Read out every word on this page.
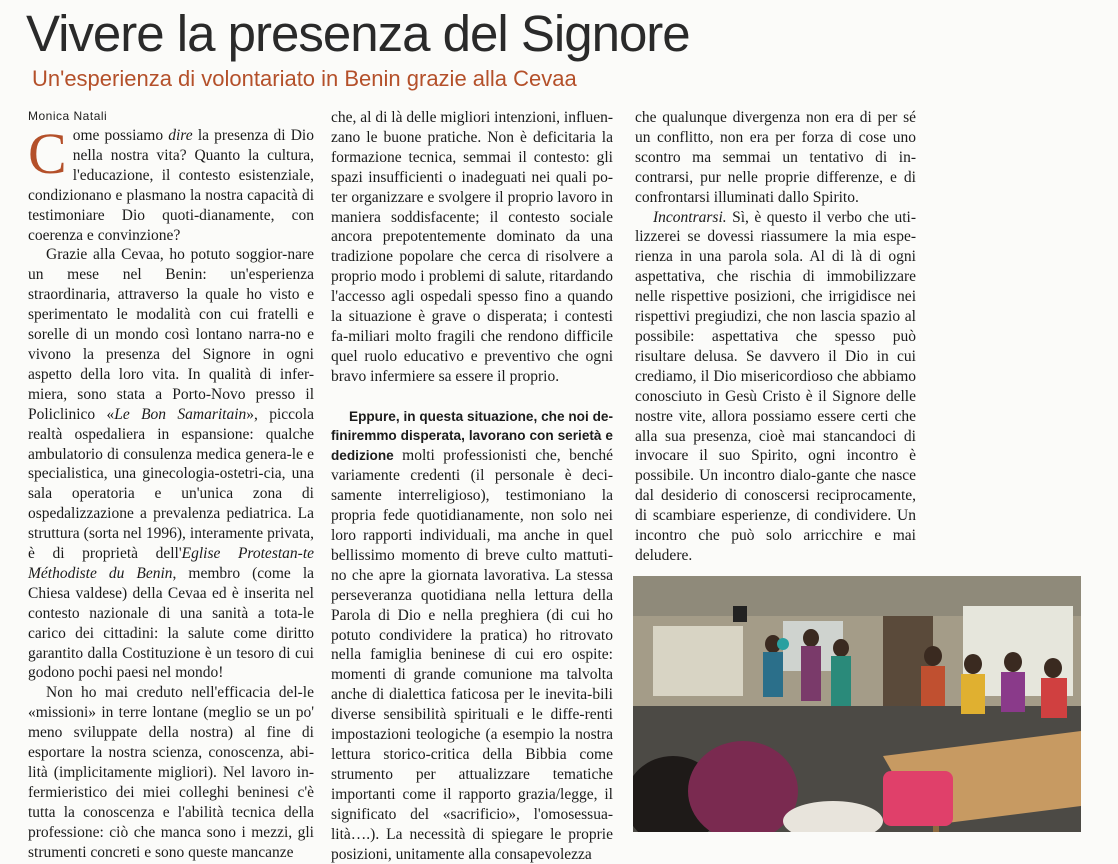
Vivere la presenza del Signore
Un'esperienza di volontariato in Benin grazie alla Cevaa
Monica Natali

Come possiamo dire la presenza di Dio nella nostra vita? Quanto la cultura, l'educazione, il contesto esistenziale, condizionano e plasmano la nostra capacità di testimoniare Dio quoti-dianamente, con coerenza e convinzione?

Grazie alla Cevaa, ho potuto soggior-nare un mese nel Benin: un'esperienza straordinaria, attraverso la quale ho visto e sperimentato le modalità con cui fratelli e sorelle di un mondo così lontano narra-no e vivono la presenza del Signore in ogni aspetto della loro vita. In qualità di infer-miera, sono stata a Porto-Novo presso il Policlinico «Le Bon Samaritain», piccola realtà ospedaliera in espansione: qualche ambulatorio di consulenza medica genera-le e specialistica, una ginecologia-ostetri-cia, una sala operatoria e un'unica zona di ospedalizzazione a prevalenza pediatrica. La struttura (sorta nel 1996), interamente privata, è di proprietà dell'Eglise Protestan-te Méthodiste du Benin, membro (come la Chiesa valdese) della Cevaa ed è inserita nel contesto nazionale di una sanità a tota-le carico dei cittadini: la salute come diritto garantito dalla Costituzione è un tesoro di cui godono pochi paesi nel mondo!

Non ho mai creduto nell'efficacia del-le «missioni» in terre lontane (meglio se un po' meno sviluppate della nostra) al fine di esportare la nostra scienza, conoscenza, abi-lità (implicitamente migliori). Nel lavoro in-fermieristico dei miei colleghi beninesi c'è tutta la conoscenza e l'abilità tecnica della professione: ciò che manca sono i mezzi, gli strumenti concreti e sono queste mancanze

che, al di là delle migliori intenzioni, influen-zano le buone pratiche. Non è deficitaria la formazione tecnica, semmai il contesto: gli spazi insufficienti o inadeguati nei quali po-ter organizzare e svolgere il proprio lavoro in maniera soddisfacente; il contesto sociale ancora prepotentemente dominato da una tradizione popolare che cerca di risolvere a proprio modo i problemi di salute, ritardando l'accesso agli ospedali spesso fino a quando la situazione è grave o disperata; i contesti fa-miliari molto fragili che rendono difficile quel ruolo educativo e preventivo che ogni bravo infermiere sa essere il proprio.

Eppure, in questa situazione, che noi de-finiremmo disperata, lavorano con serietà e dedizione molti professionisti che, benché variamente credenti (il personale è deci-samente interreligioso), testimoniano la propria fede quotidianamente, non solo nei loro rapporti individuali, ma anche in quel bellissimo momento di breve culto mattuti-no che apre la giornata lavorativa. La stessa perseveranza quotidiana nella lettura della Parola di Dio e nella preghiera (di cui ho potuto condividere la pratica) ho ritrovato nella famiglia beninese di cui ero ospite: momenti di grande comunione ma talvolta anche di dialettica faticosa per le inevita-bili diverse sensibilità spirituali e le diffe-renti impostazioni teologiche (a esempio la nostra lettura storico-critica della Bibbia come strumento per attualizzare tematiche importanti come il rapporto grazia/legge, il significato del «sacrificio», l'omosessua-lità….). La necessità di spiegare le proprie posizioni, unitamente alla consapevolezza

che qualunque divergenza non era di per sé un conflitto, non era per forza di cose uno scontro ma semmai un tentativo di in-contrarsi, pur nelle proprie differenze, e di confrontarsi illuminati dallo Spirito.

Incontrarsi. Sì, è questo il verbo che uti-lizzerei se dovessi riassumere la mia espe-rienza in una parola sola. Al di là di ogni aspettativa, che rischia di immobilizzare nelle rispettive posizioni, che irrigidisce nei rispettivi pregiudizi, che non lascia spazio al possibile: aspettativa che spesso può risultare delusa. Se davvero il Dio in cui crediamo, il Dio misericordioso che abbiamo conosciuto in Gesù Cristo è il Signore delle nostre vite, allora possiamo essere certi che alla sua presenza, cioè mai stancandoci di invocare il suo Spirito, ogni incontro è possibile. Un incontro dialo-gante che nasce dal desiderio di conoscersi reciprocamente, di scambiare esperienze, di condividere. Un incontro che può solo arricchire e mai deludere.
